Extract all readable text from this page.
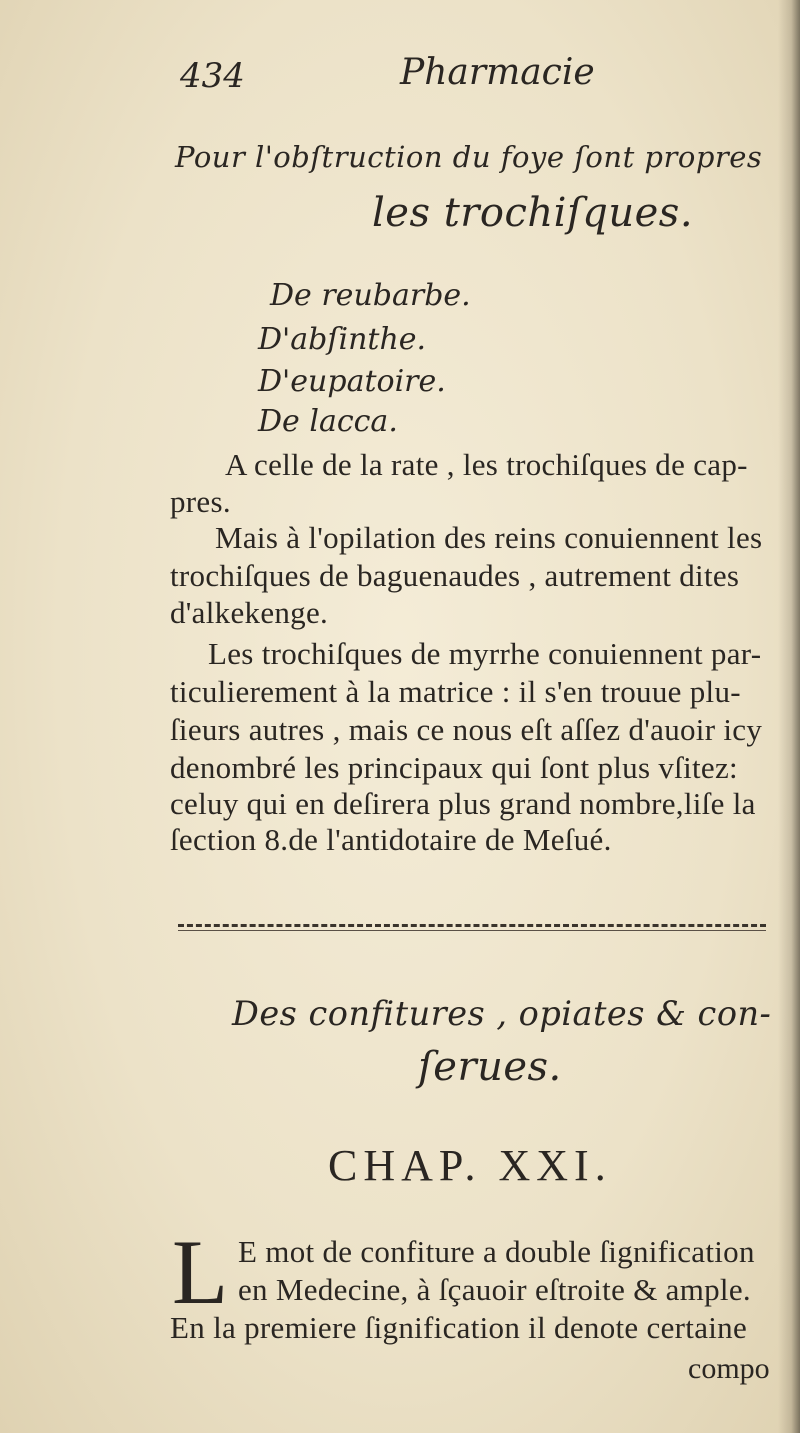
434	Pharmacie
Pour l'obſtruction du foye ſont propres
les trochiſques.
De reubarbe.
D'abſinthe.
D'eupatoire.
De lacca.
A celle de la rate , les trochiſques de cap-
pres.
Mais à l'opilation des reins conuiennent les
trochiſques de baguenaudes , autrement dites
d'alkekenge.
Les trochiſques de myrrhe conuiennent par-
ticulierement à la matrice : il s'en trouue plu-
ſieurs autres , mais ce nous eſt aſſez d'auoir icy
denombré les principaux qui ſont plus vſitez:
celuy qui en deſirera plus grand nombre,liſe la
ſection 8.de l'antidotaire de Meſué.
Des confitures , opiates & con-
ſerues.
CHAP. XXI.
L E mot de confiture a double ſignification
en Medecine, à ſçauoir eſtroite & ample.
En la premiere ſignification il denote certaine
compo
